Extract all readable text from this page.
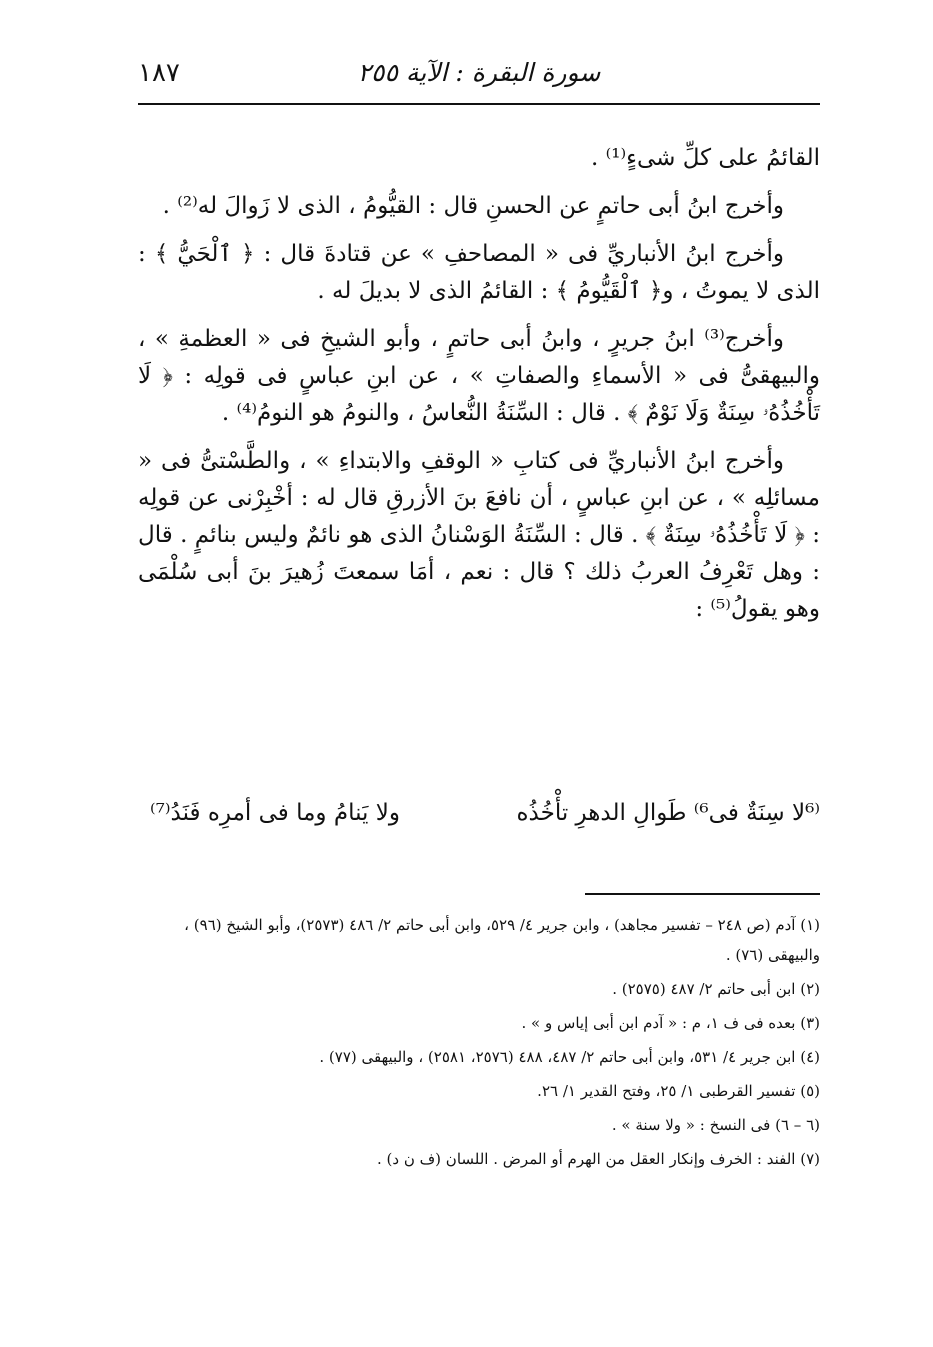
١٨٧	سورة البقرة : الآية ٢٥٥

القائمُ على كلِّ شىءٍ⁽¹⁾ .

وأخرج ابنُ أبى حاتمٍ عن الحسنِ قال : القيُّومُ ، الذى لا زَوالَ له⁽²⁾ .

وأخرج ابنُ الأنباريِّ فى « المصاحفِ » عن قتادةَ قال : ﴿ ٱلْحَيُّ ﴾ : الذى لا يموتُ ، و﴿ ٱلْقَيُّومُ ﴾ : القائمُ الذى لا بديلَ له .

وأخرج⁽³⁾ ابنُ جريرٍ ، وابنُ أبى حاتمٍ ، وأبو الشيخِ فى « العظمةِ » ، والبيهقىُّ فى « الأسماءِ والصفاتِ » ، عن ابنِ عباسٍ فى قولِه : ﴿ لَا تَأْخُذُهُۥ سِنَةٌ وَلَا نَوْمٌ ﴾ . قال : السِّنَةُ النُّعاسُ ، والنومُ هو النومُ⁽⁴⁾ .

وأخرج ابنُ الأنباريِّ فى كتابِ « الوقفِ والابتداءِ » ، والطَّسْتىُّ فى « مسائلِه » ، عن ابنِ عباسٍ ، أن نافعَ بنَ الأزرقِ قال له : أخْبِرْنى عن قولِه : ﴿ لَا تَأْخُذُهُۥ سِنَةٌ ﴾ . قال : السِّنَةُ الوَسْنانُ الذى هو نائمٌ وليس بنائمٍ . قال : وهل تَعْرِفُ العربُ ذلك ؟ قال : نعم ، أمَا سمعتَ زُهيرَ بنَ أبى سُلْمَى وهو يقولُ⁽⁵⁾ :

⁽⁶لا سِنَةٌ فى⁶⁾ طَوالِ الدهرِ تأْخُذُه
ولا يَنامُ وما فى أمرِه فَنَدُ⁽⁷⁾
(١) آدم (ص ٢٤٨ – تفسير مجاهد) ، وابن جرير ٤/ ٥٢٩، وابن أبى حاتم ٢/ ٤٨٦ (٢٥٧٣)، وأبو الشيخ (٩٦) ، والبيهقى (٧٦) .
(٢) ابن أبى حاتم ٢/ ٤٨٧ (٢٥٧٥) .
(٣) بعده فى ف ١، م : « آدم ابن أبى إياس و » .
(٤) ابن جرير ٤/ ٥٣١، وابن أبى حاتم ٢/ ٤٨٧، ٤٨٨ (٢٥٧٦، ٢٥٨١) ، والبيهقى (٧٧) .
(٥) تفسير القرطبى ١/ ٢٥، وفتح القدير ١/ ٢٦.
(٦ – ٦) فى النسخ : « ولا سنة » .
(٧) الفند : الخرف وإنكار العقل من الهرم أو المرض . اللسان (ف ن د) .
